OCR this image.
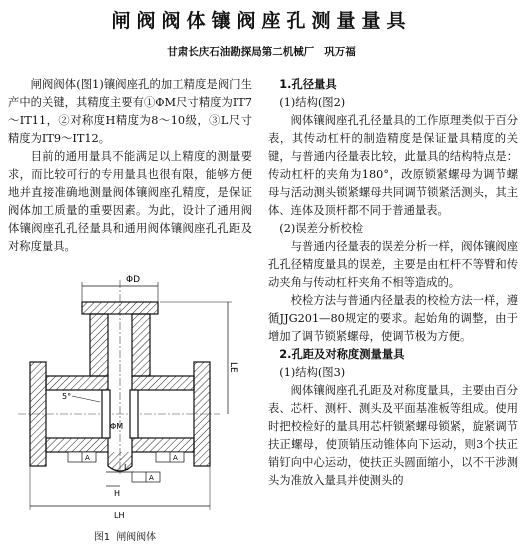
闸阀阀体镶阀座孔测量量具
甘肃长庆石油勘探局第二机械厂 巩万福

闸阀阀体(图1)镶阀座孔的加工精度是阀门生产中的关键，其精度主要有①ΦM尺寸精度为IT7～IT11，②对称度H精度为8～10级，③L尺寸精度为IT9～IT12。

目前的通用量具不能满足以上精度的测量要求，而比较可行的专用量具也很有限，能够方便地并直接准确地测量阀体镶阀座孔精度，是保证阀体加工质量的重要因素。为此，设计了通用阀体镶阀座孔孔径量具和通用阀体镶阀座孔孔距及对称度量具。

ΦD
LE
5°
ΦM
L
H
A	A
A
LH
图1 闸阀阀体

1.孔径量具

(1)结构(图2)

阀体镶阀座孔孔径量具的工作原理类似于百分表，其传动杠杆的制造精度是保证量具精度的关键，与普通内径量表比较，此量具的结构特点是：传动杠杆的夹角为180°，改原锁紧螺母为调节螺母与活动测头锁紧螺母共同调节锁紧活测头，其主体、连体及顶杆都不同于普通量表。

(2)误差分析校检

与普通内径量表的误差分析一样，阀体镶阀座孔孔径精度量具的误差，主要是由杠杆不等臂和传动夹角与传动杠杆夹角不相等造成的。

校检方法与普通内径量表的校检方法一样，遵循JJG201—80规定的要求。起始角的调整，由于增加了调节锁紧螺母，使调节极为方便。

2.孔距及对称度测量量具

(1)结构(图3)

阀体镶阀座孔孔距及对称度量具，主要由百分表、芯杆、测杆、测头及平面基准板等组成。使用时把校检好的量具用芯杆锁紧螺母锁紧，旋紧调节扶正螺母，使顶销压动锥体向下运动，则3个扶正销钉向中心运动，使扶正头圆面缩小，以不干涉测头为准放入量具并使测头的
